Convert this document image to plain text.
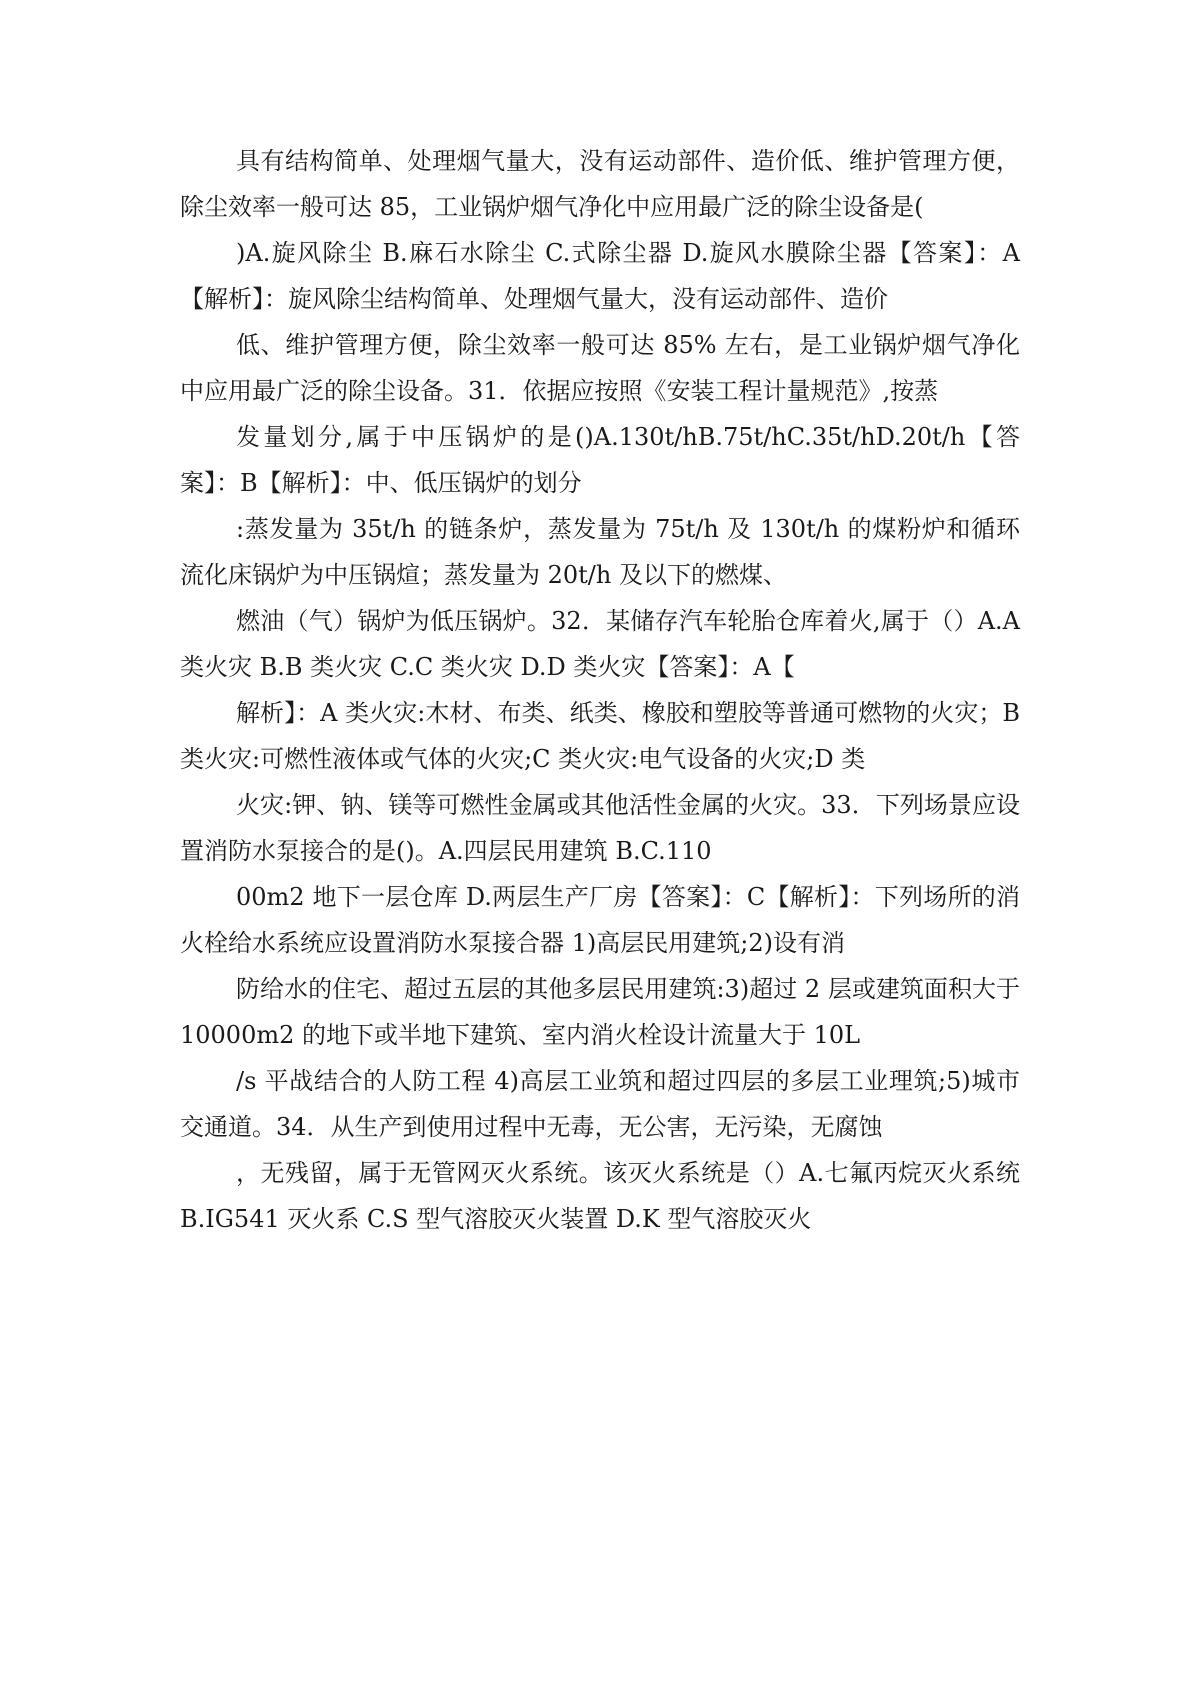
具有结构简单、处理烟气量大，没有运动部件、造价低、维护管理方便，除尘效率一般可达 85，工业锅炉烟气净化中应用最广泛的除尘设备是(

)A.旋风除尘 B.麻石水除尘 C.式除尘器 D.旋风水膜除尘器【答案】：A【解析】：旋风除尘结构简单、处理烟气量大，没有运动部件、造价

低、维护管理方便，除尘效率一般可达 85% 左右，是工业锅炉烟气净化中应用最广泛的除尘设备。31．依据应按照《安装工程计量规范》,按蒸

发量划分,属于中压锅炉的是()A.130t/hB.75t/hC.35t/hD.20t/h【答案】：B【解析】：中、低压锅炉的划分

:蒸发量为 35t/h 的链条炉，蒸发量为 75t/h 及 130t/h 的煤粉炉和循环流化床锅炉为中压锅煊；蒸发量为 20t/h 及以下的燃煤、

燃油（气）锅炉为低压锅炉。32．某储存汽车轮胎仓库着火,属于（）A.A 类火灾 B.B 类火灾 C.C 类火灾 D.D 类火灾【答案】：A【

解析】：A 类火灾:木材、布类、纸类、橡胶和塑胶等普通可燃物的火灾；B 类火灾:可燃性液体或气体的火灾;C 类火灾:电气设备的火灾;D 类

火灾:钾、钠、镁等可燃性金属或其他活性金属的火灾。33．下列场景应设置消防水泵接合的是()。A.四层民用建筑 B.C.110

00m2 地下一层仓库 D.两层生产厂房【答案】：C【解析】：下列场所的消火栓给水系统应设置消防水泵接合器 1)高层民用建筑;2)设有消

防给水的住宅、超过五层的其他多层民用建筑:3)超过 2 层或建筑面积大于 10000m2 的地下或半地下建筑、室内消火栓设计流量大于 10L

/s 平战结合的人防工程 4)高层工业筑和超过四层的多层工业理筑;5)城市交通道。34．从生产到使用过程中无毒，无公害，无污染，无腐蚀

，无残留，属于无管网灭火系统。该灭火系统是（）A.七氟丙烷灭火系统 B.IG541 灭火系 C.S 型气溶胶灭火装置 D.K 型气溶胶灭火
